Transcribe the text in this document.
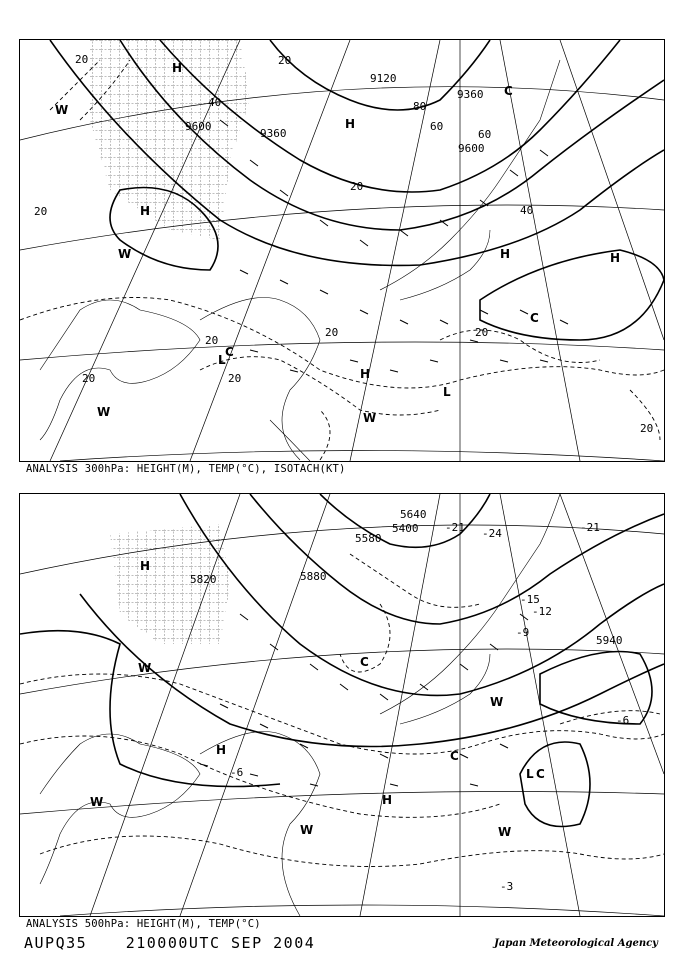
9600
9360
9120
9360
9600
20
40
60
80
60
40
20
20
20
20	20
20
20	20
20
H
H
H	H
H
H
W
W
W	W
L
L
C
C
C
ANALYSIS 300hPa: HEIGHT(M), TEMP(°C), ISOTACH(KT)
5820	5880
5640
5400
5580
5940
-21 -24	-21
-15
-12
-9
-6
-6
-3
H
H
H
W
W
W
W
W
L C
C
C
ANALYSIS 500hPa: HEIGHT(M), TEMP(°C)
AUPQ35	210000UTC SEP 2004	Japan Meteorological Agency
